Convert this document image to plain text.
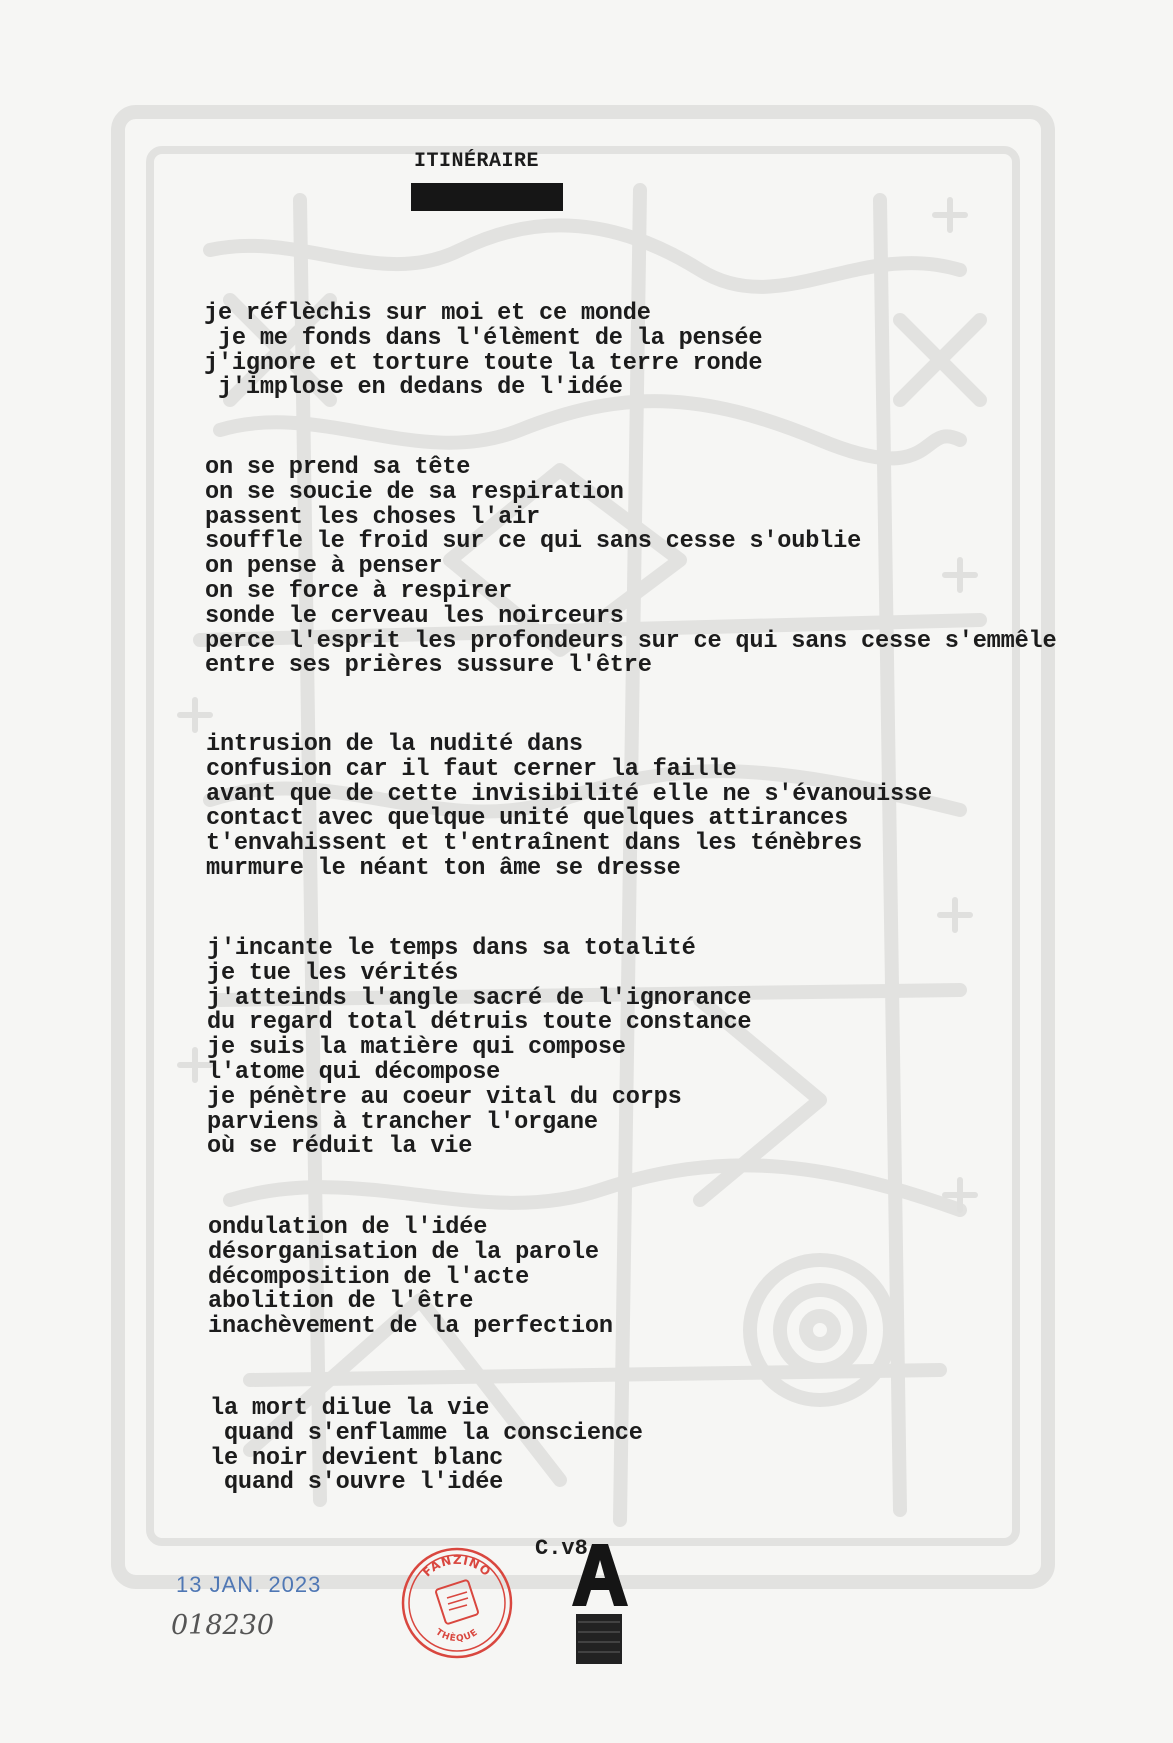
ITINÉRAIRE
je réflèchis sur moi et ce monde
je me fonds dans l'élèment de la pensée
j'ignore et torture toute la terre ronde
j'implose en dedans de l'idée
on se prend sa tête
on se soucie de sa respiration
passent les choses l'air
souffle le froid sur ce qui sans cesse s'oublie
on pense à penser
on se force à respirer
sonde le cerveau les noirceurs
perce l'esprit les profondeurs sur ce qui sans cesse s'emmêle
entre ses prières sussure l'être
intrusion de la nudité dans
confusion car il faut cerner la faille
avant que de cette invisibilité elle ne s'évanouisse
contact avec quelque unité quelques attirances
t'envahissent et t'entraînent dans les ténèbres
murmure le néant ton âme se dresse
j'incante le temps dans sa totalité
je tue les vérités
j'atteinds l'angle sacré de l'ignorance
du regard total détruis toute constance
je suis la matière qui compose
l'atome qui décompose
je pénètre au coeur vital du corps
parviens à trancher l'organe
où se réduit la vie
ondulation de l'idée
désorganisation de la parole
décomposition de l'acte
abolition de l'être
inachèvement de la perfection
la mort dilue la vie
quand s'enflamme la conscience
le noir devient blanc
quand s'ouvre l'idée
C.v8
13 JAN. 2023
018230
FANZINO
THÈQUE
